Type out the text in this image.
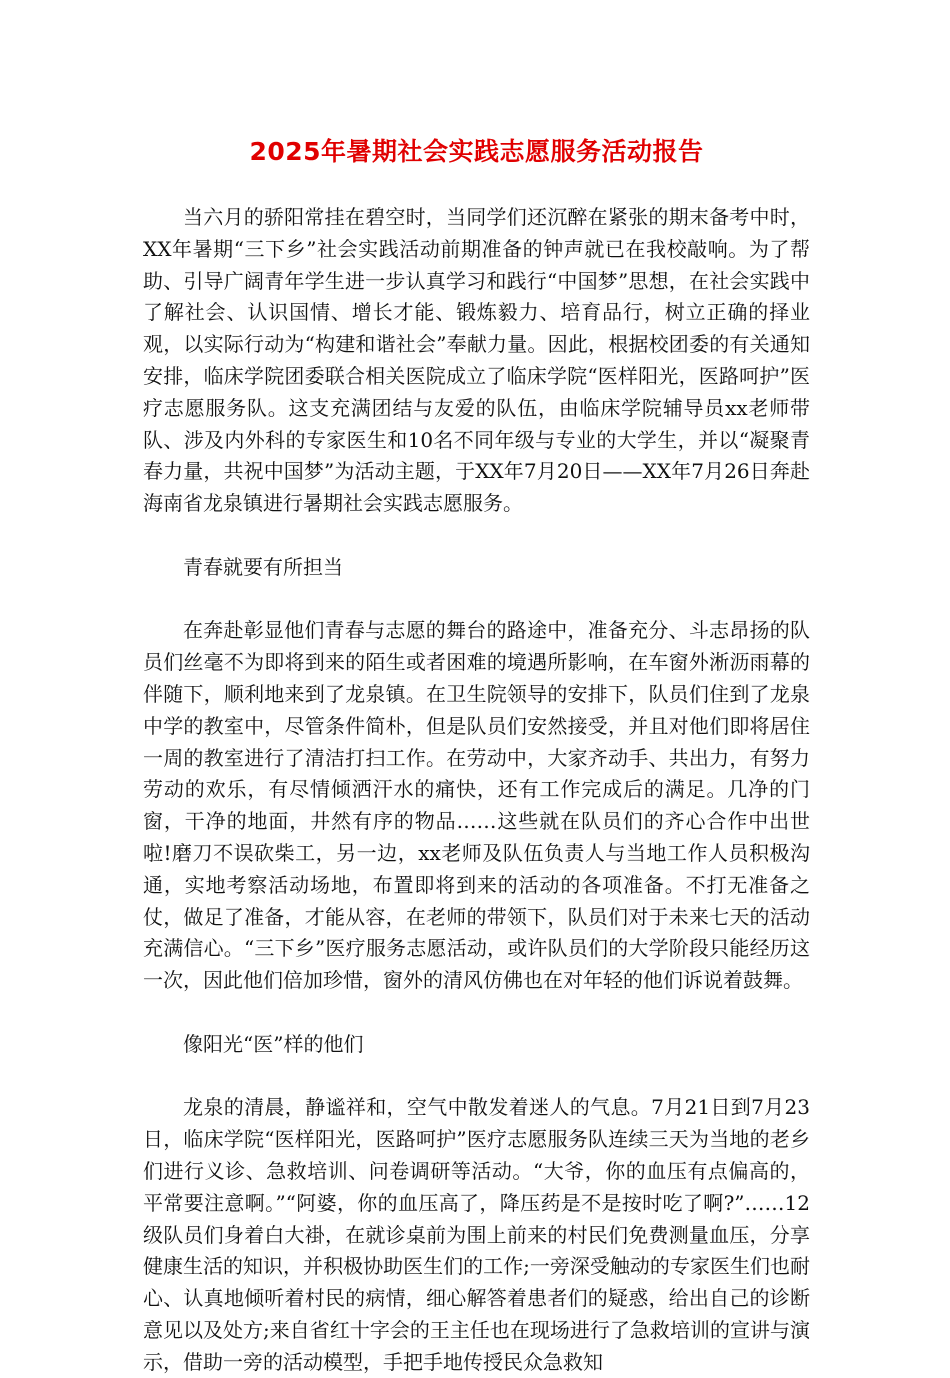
2025年暑期社会实践志愿服务活动报告

当六月的骄阳常挂在碧空时，当同学们还沉醉在紧张的期末备考中时，XX年暑期“三下乡”社会实践活动前期准备的钟声就已在我校敲响。为了帮助、引导广阔青年学生进一步认真学习和践行“中国梦”思想，在社会实践中了解社会、认识国情、增长才能、锻炼毅力、培育品行，树立正确的择业观，以实际行动为“构建和谐社会”奉献力量。因此，根据校团委的有关通知安排，临床学院团委联合相关医院成立了临床学院“医样阳光，医路呵护”医疗志愿服务队。这支充满团结与友爱的队伍，由临床学院辅导员xx老师带队、涉及内外科的专家医生和10名不同年级与专业的大学生，并以“凝聚青春力量，共祝中国梦”为活动主题，于XX年7月20日——XX年7月26日奔赴海南省龙泉镇进行暑期社会实践志愿服务。

青春就要有所担当

在奔赴彰显他们青春与志愿的舞台的路途中，准备充分、斗志昂扬的队员们丝毫不为即将到来的陌生或者困难的境遇所影响，在车窗外淅沥雨幕的伴随下，顺利地来到了龙泉镇。在卫生院领导的安排下，队员们住到了龙泉中学的教室中，尽管条件简朴，但是队员们安然接受，并且对他们即将居住一周的教室进行了清洁打扫工作。在劳动中，大家齐动手、共出力，有努力劳动的欢乐，有尽情倾洒汗水的痛快，还有工作完成后的满足。几净的门窗，干净的地面，井然有序的物品……这些就在队员们的齐心合作中出世啦!磨刀不误砍柴工，另一边，xx老师及队伍负责人与当地工作人员积极沟通，实地考察活动场地，布置即将到来的活动的各项准备。不打无准备之仗，做足了准备，才能从容，在老师的带领下，队员们对于未来七天的活动充满信心。“三下乡”医疗服务志愿活动，或许队员们的大学阶段只能经历这一次，因此他们倍加珍惜，窗外的清风仿佛也在对年轻的他们诉说着鼓舞。

像阳光“医”样的他们

龙泉的清晨，静谧祥和，空气中散发着迷人的气息。7月21日到7月23日，临床学院“医样阳光，医路呵护”医疗志愿服务队连续三天为当地的老乡们进行义诊、急救培训、问卷调研等活动。“大爷，你的血压有点偏高的，平常要注意啊。”“阿婆，你的血压高了，降压药是不是按时吃了啊?”……12级队员们身着白大褂，在就诊桌前为围上前来的村民们免费测量血压，分享健康生活的知识，并积极协助医生们的工作;一旁深受触动的专家医生们也耐心、认真地倾听着村民的病情，细心解答着患者们的疑惑，给出自己的诊断意见以及处方;来自省红十字会的王主任也在现场进行了急救培训的宣讲与演示，借助一旁的活动模型，手把手地传授民众急救知
